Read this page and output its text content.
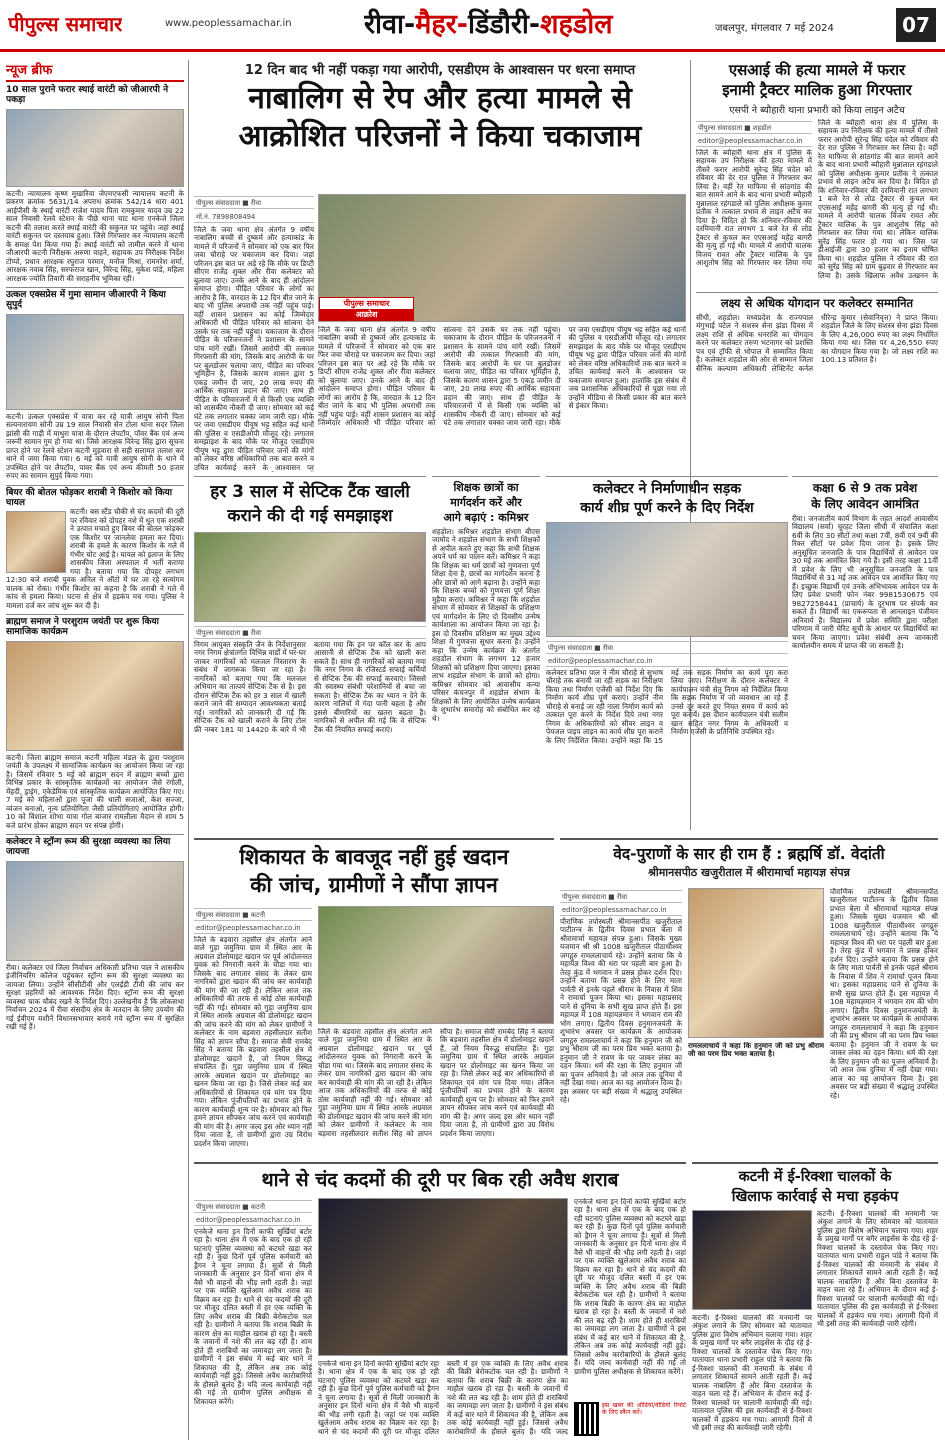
पीपुल्स समाचार	www.peoplessamachar.in	रीवा-मैहर-डिंडौरी-शहडोल	जबलपुर, मंगलवार 7 मई 2024	07
न्यूज ब्रीफ
10 साल पुराने फरार स्थाई वारंटी को जीआरपी ने पकड़ा
कटनी। न्यायालय कृष्ण मुखारिया जेएमएफसी न्यायालय कटनी के प्रकरण क्रमांक 5631/14 अपराध क्रमांक 542/14 धारा 401 आईपीसी के स्थाई वारंटी राजेश यादव पिता रामकुमार यादव उम्र 22 साल निवासी रेलवे स्टेशन के पीछे थाना चाट थाना एनकेजे जिला कटनी की तलाश करते स्थाई वारंटी की सकुनत पर पहुंचे। जहां स्थाई वारंटी सकुनत पर दस्तयाब हुआ। जिसे गिरफ्तार कर न्यायालय कटनी के समक्ष पेश किया गया है। स्थाई वारंटी को तामील करने में थाना जीआरपी कटनी निरीक्षक अरुणा वाहने, सहायक उप निरीक्षक निर्देश टोप्पो, प्रधान आरक्षक रघुराज परमार, मनोज मिश्रा, रामनरेश शर्मा, आरक्षक नवाब सिंह, सरफराज खान, विरेन्द्र सिंह, मुकेश पांडे, महिला आरक्षक ज्योति तिवारी की सराहनीय भूमिका रही।
उत्कल एक्सप्रेस में गुमा सामान जीआरपी ने किया सुपुर्द
कटनी। उत्कल एक्सप्रेस में यात्रा कर रहे यात्री आयुष सोनी पिता सत्यनारायण सोनी उम्र 19 साल निवासी सेन टोला थाना सदर जिला झांसी की गाड़ी में माथुरा यात्रा के दौरान लेपटॉप, पॉवर बैंक एवं अन्य जरूरी सामान गुम हो गया था। जिसे आरक्षक विरेन्द्र सिंह द्वारा सूचना प्राप्त होने पर रेलवे स्टेशन कटनी मुड़वारा से सही सलामत तलाश कर थाने में जमा किया गया। 6 मई को यात्री आयुष सोनी के थाने में उपस्थित होने पर लैपटॉप, पावर बैंक एवं अन्य कीमती 50 हजार रुपए का सामान सुपुर्द किया गया।
बियर की बोतल फोड़कर शराबी ने किशोर को किया घायल
कटनी। बस स्टैंड चौकी से चंद कदमों की दूरी पर रविवार को दोपहर नशे में धुत एक शराबी ने उत्पात मचाते हुए बियर की बोतल फोड़कर एक किशोर पर जानलेवा हमला कर दिया। शराबी के हमले के कारण किशोर के गले में गंभीर चोट आई है। घायल को इलाज के लिए शासकीय जिला अस्पताल में भर्ती कराया गया है। बताया गया कि दोपहर लगभग 12:30 बजे शराबी युवक अनिल ने ऑटो में घर जा रहे सत्यांगम चालक को रोका। गंभीर किशोर का कहना है कि शराबी ने गले में कांच से हमला किया। घटना से क्षेत्र में हड़कंप मच गया। पुलिस ने मामला दर्ज कर जांच शुरू कर दी है।
ब्राह्मण समाज ने परशुराम जयंती पर शुरू किया सामाजिक कार्यक्रम
कटनी। जिला ब्राह्मण समाज कटनी महिला मंडल के द्वारा परशुराम जयंती के उपलक्ष्य में सामाजिक कार्यक्रम का आयोजन किया जा रहा है। जिसमें रविवार 5 मई को ब्राह्मण सदन में ब्राह्मण बच्चों द्वारा विभिन्न प्रकार के सांस्कृतिक कार्यक्रमों का आयोजन जैसे रंगोली, मेंहदी, ड्राइंग, एकेडेमिक एवं सांस्कृतिक कार्यक्रम आयोजित किए गए। 7 मई को महिलाओं द्वारा पूजा की थाली सजाओ, केश सज्जा, व्यंजन बनाओ, नृत्य प्रतियोगिता जैसी प्रतियोगिताएं आयोजित होगी। 10 को विशाल शोभा यात्रा गोल बाजार रामलीला मैदान से शाम 5 बजे प्रारंभ होकर ब्राह्मण सदन पर संपन्न होगी।
कलेक्टर ने स्ट्रॉन्ग रूम की सुरक्षा व्यवस्था का लिया जायजा
रीवा। कलेक्टर एवं जिला निर्वाचन अधिकारी प्रतिभा पाल ने शासकीय इंजीनियरिंग कॉलेज पहुंचकर स्ट्रॉन्ग रूम की सुरक्षा व्यवस्था का जायजा लिया। उन्होंने सीसीटीवी और एलईडी टीवी की जांच कर सुरक्षा प्रहरियों को आवश्यक निर्देश दिए। स्ट्रॉन्ग रूम की सुरक्षा व्यवस्था चाक चौबंद रखने के निर्देश दिए। उल्लेखनीय है कि लोकसभा निर्वाचन 2024 में रीवा संसदीय क्षेत्र के मतदान के लिए उपयोग की गई ईवीएम मशीनें विधानसभावार बनाये गये स्ट्रॉन्ग रूम में सुरक्षित रखी गई हैं।
12 दिन बाद भी नहीं पकड़ा गया आरोपी, एसडीएम के आश्वासन पर धरना समाप्त
नाबालिग से रेप और हत्या मामले से
आक्रोशित परिजनों ने किया चकाजाम
पीपुल्स संवाददाता ■ रीवा
मो.नं. 7898808494
पीपुल्स समाचार
आक्रोश
जिले के जवा थाना क्षेत्र अंतर्गत 9 वर्षीय नाबालिग बच्ची से दुष्कर्म और हत्याकांड के मामले में परिजनों ने सोमवार को एक बार फिर जवा चौराहे पर चकाजाम कर दिया। जहां परिजन इस बात पर अड़े रहे कि मौके पर डिप्टी सीएम राजेंद्र शुक्ल और रीवा कलेक्टर को बुलाया जाए। उनके आने के बाद ही आंदोलन समाप्त होगा। पीड़ित परिवार के लोगों का आरोप है कि, वारदात के 12 दिन बीत जाने के बाद भी पुलिस अपराधी तक नहीं पहुंच पाई। वहीं शासन प्रशासन का कोई जिम्मेदार अधिकारी भी पीड़ित परिवार को सांत्वना देने उसके घर तक नहीं पहुंचा। चकाजाम के दौरान पीड़ित के परिजनजनों ने प्रशासन के सामने पांच मांगें रखीं। जिसमें आरोपी की तत्काल गिरफ्तारी की मांग, जिसके बाद आरोपी के घर पर बुलडोजर चलाया जाए, पीड़ित का परिवार भूमिहीन है, जिसके कारण शासन द्वारा 5 एकड़ जमीन दी जाए, 20 लाख रुपए की आर्थिक सहायता प्रदान की जाए। साथ ही पीड़ित के परिवारजनों में से किसी एक व्यक्ति को शासकीय नौकरी दी जाए। सोमवार को कई घंटे तक लगातार चक्का जाम जारी रहा। मौके पर जवा एसडीएम पीयूष भट्ट सहित कई थानों की पुलिस व एसडीओपी मौजूद रहे। लगातार समझाइश के बाद मौके पर मौजूद एसडीएम पीयूष भट्ट द्वारा पीड़ित परिवार जनों की मांगों को लेकर वरिष्ठ अधिकारियों तक बात करने व उचित कार्यवाई करने के आश्वासन पर
जिले के जवा थाना क्षेत्र अंतर्गत 9 वर्षीय नाबालिग बच्ची से दुष्कर्म और हत्याकांड के मामले में परिजनों ने सोमवार को एक बार फिर जवा चौराहे पर चकाजाम कर दिया। जहां परिजन इस बात पर अड़े रहे कि मौके पर डिप्टी सीएम राजेंद्र शुक्ल और रीवा कलेक्टर को बुलाया जाए। उनके आने के बाद ही आंदोलन समाप्त होगा। पीड़ित परिवार के लोगों का आरोप है कि, वारदात के 12 दिन बीत जाने के बाद भी पुलिस अपराधी तक नहीं पहुंच पाई। वहीं शासन प्रशासन का कोई जिम्मेदार अधिकारी भी पीड़ित परिवार को सांत्वना देने उसके घर तक नहीं पहुंचा। चकाजाम के दौरान पीड़ित के परिजनजनों ने प्रशासन के सामने पांच मांगें रखीं। जिसमें आरोपी की तत्काल गिरफ्तारी की मांग, जिसके बाद आरोपी के घर पर बुलडोजर चलाया जाए, पीड़ित का परिवार भूमिहीन है, जिसके कारण शासन द्वारा 5 एकड़ जमीन दी जाए, 20 लाख रुपए की आर्थिक सहायता प्रदान की जाए। साथ ही पीड़ित के परिवारजनों में से किसी एक व्यक्ति को शासकीय नौकरी दी जाए। सोमवार को कई घंटे तक लगातार चक्का जाम जारी रहा। मौके पर जवा एसडीएम पीयूष भट्ट सहित कई थानों की पुलिस व एसडीओपी मौजूद रहे। लगातार समझाइश के बाद मौके पर मौजूद एसडीएम पीयूष भट्ट द्वारा पीड़ित परिवार जनों की मांगों को लेकर वरिष्ठ अधिकारियों तक बात करने व उचित कार्यवाई करने के आश्वासन पर चकाजाम समाप्त हुआ। हालांकि इस संबंध में जब प्रशासनिक अधिकारियों से पूछा गया तो उन्होंने मीडिया से किसी प्रकार की बात करने से इंकार किया।
एसआई की हत्या मामले में फरार
इनामी ट्रैक्टर मालिक हुआ गिरफ्तार
एसपी ने ब्यौहारी थाना प्रभारी को किया लाइन अटैच
पीपुल्स संवाददाता ■ शहडोल
editor@peoplessamachar.co.in
जिले के ब्यौहारी थाना क्षेत्र में पुलिस के सहायक उप निरीक्षक की हत्या मामले में तीसरे फरार आरोपी सुरेन्द्र सिंह चंदेल को रविवार की देर रात पुलिस ने गिरफ्तार कर लिया है। वहीं रेत माफिया से सांठगांठ की बात सामने आने के बाद थाना प्रभारी ब्यौहारी मुन्नालाल रहंगडाले को पुलिस अधीक्षक कुमार प्रतीक ने तत्काल प्रभाव से लाइन अटैच कर दिया है। विदित हो कि शनिवार-रविवार की दरमियानी रात लगभग 1 बजे रेत से लोड ट्रैक्टर से कुचल कर एएसआई महेंद्र बागरी की मृत्यु हो गई थी। मामले में आरोपी चालक विजय रावत और ट्रैक्टर मालिक के पुत्र आशुतोष सिंह को गिरफ्तार कर लिया गया
जिले के ब्यौहारी थाना क्षेत्र में पुलिस के सहायक उप निरीक्षक की हत्या मामले में तीसरे फरार आरोपी सुरेन्द्र सिंह चंदेल को रविवार की देर रात पुलिस ने गिरफ्तार कर लिया है। वहीं रेत माफिया से सांठगांठ की बात सामने आने के बाद थाना प्रभारी ब्यौहारी मुन्नालाल रहंगडाले को पुलिस अधीक्षक कुमार प्रतीक ने तत्काल प्रभाव से लाइन अटैच कर दिया है। विदित हो कि शनिवार-रविवार की दरमियानी रात लगभग 1 बजे रेत से लोड ट्रैक्टर से कुचल कर एएसआई महेंद्र बागरी की मृत्यु हो गई थी। मामले में आरोपी चालक विजय रावत और ट्रैक्टर मालिक के पुत्र आशुतोष सिंह को गिरफ्तार कर लिया गया था। लेकिन मालिक सुरेंद्र सिंह फरार हो गया था। जिस पर डीआईजी द्वारा 30 हजार का इनाम घोषित किया था। शहडोल पुलिस ने रविवार की रात को सुरेंद्र सिंह को ग्राम बुढ़वार से गिरफ्तार कर लिया है। उसके खिलाफ अवैध उत्खनन के
लक्ष्य से अधिक योगदान पर कलेक्टर सम्मानित
सीधी, शहडोल। मध्यप्रदेश के राज्यपाल मंगुभाई पटेल ने सशस्त्र सेना झंडा दिवस में लक्ष्य राशि से अधिक धनराशि का योगदान करने पर कलेक्टर तरुण भटनागर को प्रशस्ति पत्र एवं ट्रॉफी से भोपाल में सम्मानित किया है। कलेक्टर शहडोल की ओर से सम्मान जिला सैनिक कल्याण अधिकारी लेफ्टिनेंट कर्नल धीरेन्द्र कुमार (सेवानिवृत्त) ने प्राप्त किया। शहडोल जिले के लिए सशस्त्र सेना झंडा दिवस के लिए 4,26,000 रुपए का लक्ष्य निर्धारित किया गया था। जिस पर 4,26,550 रुपए का योगदान किया गया है। जो लक्ष्य राशि का 100.13 प्रतिशत है।
हर 3 साल में सेप्टिक टैंक खाली
कराने की दी गई समझाइश
पीपुल्स संवाददाता ■ रीवा
निगम आयुक्त संस्कृति जैन के निर्देशानुसार नगर निगम क्षेत्रांतर्गत विभिन्न वार्डों में घर-घर जाकर नागरिकों को मलजल निस्तारण के संबंध में जागरूक किया जा रहा है। नागरिकों को बताया गया कि मलजल अभियान का तात्पर्य सेप्टिक टैंक से है। इस दौरान सेप्टिक टैंक को हर 3 साल में खाली कराने जाने की सम्पादन आवश्यकता बताई गई। नागरिकों को जानकारी दी गई कि सेप्टिक टैंक को खाली कराने के लिए टोल फ्री नम्बर 181 या 14420 के बारे में भी बताया गया कि इन पर कॉल कर के आप आसानी से सेप्टिक टैंक को खाली करा सकते हैं। साथ ही नागरिकों को बताया गया कि नगर निगम के रजिस्टर्ड सफाई कर्मियों से सेप्टिक टैंक की सफाई करवाएं। जिससे की स्वास्थ्य संबंधी परेशानियों से बचा जा सकता है। सेप्टिक टैंक का ध्यान न देने के कारण नालियों में गंदा पानी बहता है और इससे बीमारियों का खतरा बढ़ता है। नागरिकों से अपील की गई कि वे सेप्टिक टैंक की नियमित सफाई कराएं।
शिक्षक छात्रों का
मार्गदर्शन करें और
आगे बढ़ाएं : कमिश्नर
शहडोल। कमिश्नर शहडोल संभाग बीएस जामोद ने शहडोल संभाग के सभी शिक्षकों से अपील करते हुए कहा कि सभी शिक्षक अपने धर्म का पालन करें। कमिश्नर ने कहा कि शिक्षक का धर्म छात्रों को गुणवत्ता पूर्ण शिक्षा देना है, छात्रों का मार्गदर्शन करना है और छात्रों को आगे बढ़ाना है। उन्होंने कहा कि शिक्षक बच्चों को गुणवत्ता पूर्ण शिक्षा मुहैया कराएं। कमिश्नर ने कहा कि शहडोल संभाग में सोमवार से शिक्षकों के प्रशिक्षण एवं मार्गदर्शन के लिए दो दिवसीय उन्मेष कार्यशाला का आयोजन किया जा रहा है। इस दो दिवसीय प्रशिक्षण का मुख्य उद्देश्य शिक्षा में गुणवत्ता सुधार करना है। उन्होंने कहा कि उन्मेष कार्यक्रम के अंतर्गत शहडोल संभाग के लगभग 12 हजार शिक्षकों को प्रशिक्षण दिया जाएगा। इसका लाभ शहडोल संभाग के छात्रों को होगा। कमिश्नर सोमवार को आवासीय कन्या परिसर कंचनपुर में शहडोल संभाग के शिक्षकों के लिए आयोजित उन्मेष कार्यक्रम के शुभारंभ समारोह को संबोधित कर रहे थे।
कलेक्टर ने निर्माणाधीन सड़क
कार्य शीघ्र पूर्ण करने के दिए निर्देश
पीपुल्स संवाददाता ■ रीवा
editor@peoplessamachar.co.in
कलेक्टर प्रतिभा पाल ने नीम चौराहे से सुभाष चौराहे तक बनायी जा रही सड़क का निरीक्षण किया तथा निर्माण एजेंसी को निर्देश दिए कि निर्माण कार्य शीघ्र पूर्ण कराएं। उन्होंने नीम चौराहे से बनाई जा रही नाला निर्माण कार्य को तत्काल पूरा करने के निर्देश दिये तथा नगर निगम के अधिकारियों को सीवर लाइन व पेयजल पाइप लाइन का कार्य शीघ्र पूरा कराने के लिए निर्देशित किया। उन्होंने कहा कि 15 मई तक सड़क निर्माण का कार्य पूरा करा लिया जाए। निरीक्षण के दौरान कलेक्टर ने कार्यपालन यंत्री सेतु निगम को निर्देशित किया कि सड़क निर्माण में जो व्यवधान आ रहे हैं उनसे दूर करते हुए नियत समय में कार्य को पूरा करायें। इस दौरान कार्यपालन यंत्री सलीम खान सहित नगर निगम के अधिकारी व निर्माण एजेंसी के प्रतिनिधि उपस्थित रहे।
कक्षा 6 से 9 तक प्रवेश
के लिए आवेदन आमंत्रित
रीवा। जनजातीय कार्य विभाग के तहत आदर्श आवासीय विद्यालय (सर्वा) चूरहट जिला सीधी में संचालित कक्षा 6वीं के लिए 30 सीटों तथा कक्षा 7वीं, 8वीं एवं 9वीं की रिक्त सीटों पर प्रवेश दिया जाना है। इसके लिए अनुसूचित जनजाति के पात्र विद्यार्थियों से आवेदन पत्र 30 मई तक आमंत्रित किए गये हैं। इसी तरह कक्षा 11वीं में प्रवेश के लिए भी अनुसूचित जनजाति के पात्र विद्यार्थियों से 31 मई तक आवेदन पत्र आमंत्रित किए गए हैं। इच्छुक विद्यार्थी एवं उनके अभिभावक आवेदन पत्र के लिए प्रवेश प्रभारी फोन नंबर 9981530675 एवं 9827258441 (प्राचार्य) के दूरभाष पर संपर्क कर सकते हैं। विद्यार्थी का एकरूपता से आनलाइन पंजीयन अनिवार्य है। विद्यालय में प्रवेश समिति द्वारा परीक्षा परिणाम में जारी मेरिट सूची के आधार पर विद्यार्थियों का चयन किया जाएगा। प्रवेश संबंधी अन्य जानकारी कार्यालयीन समय में प्राप्त की जा सकती है।
शिकायत के बावजूद नहीं हुई खदान
की जांच, ग्रामीणों ने सौंपा ज्ञापन
पीपुल्स संवाददाता ■ कटनी
editor@peoplessamachar.co.in
जिले के बड़वारा तहसील क्षेत्र अंतर्गत आने वाले गुड़ा जमुनिया ग्राम में स्थित आर के अग्रवाल डोलोमाइट खदान पर पूर्व आंदोलनरत युवक को निगरानी करने के चौडा गया था। जिसके बाद लगातार संसद के लेकर ग्राम नागरिकों द्वारा खदान की जांच कर कार्यवाही की मांग की जा रही है। लेकिन आज तक अधिकारियों की तरफ से कोई ठोस कार्यवाही नहीं की गई। सोमवार को गुड़ा जमुनिया ग्राम में स्थित आरके अग्रवाल की डोलोमाइट खदान की जांच करने की मांग को लेकर ग्रामीणों ने कलेक्टर के नाम बड़वारा तहसीलदार सतीश सिंह को ज्ञापन सौंपा है। समाज सेवी रामबेद सिंह ने बताया कि बड़वारा तहसील क्षेत्र में डोलोमाइट खदानें हैं, जो नियम विरुद्ध संचालित हैं। गुड़ा जमुनिया ग्राम में स्थित आरके अग्रवाल खदान पर डोलोमाइट का खनन किया जा रहा है। जिसे लेकर कई बार अधिकारियों से शिकायत एवं मांग पत्र दिया गया। लेकिन पूंजीपतियों का प्रभाव होने के कारण कार्यवाही शून्य पर है। सोमवार को फिर हमने ज्ञापन सौंपकर जांच करने एवं कार्यवाही की मांग की है। अगर जल्द इस ओर ध्यान नहीं दिया जाता है, तो ग्रामीणों द्वारा उग्र विरोध प्रदर्शन किया जाएगा।
जिले के बड़वारा तहसील क्षेत्र अंतर्गत आने वाले गुड़ा जमुनिया ग्राम में स्थित आर के अग्रवाल डोलोमाइट खदान पर पूर्व आंदोलनरत युवक को निगरानी करने के चौडा गया था। जिसके बाद लगातार संसद के लेकर ग्राम नागरिकों द्वारा खदान की जांच कर कार्यवाही की मांग की जा रही है। लेकिन आज तक अधिकारियों की तरफ से कोई ठोस कार्यवाही नहीं की गई। सोमवार को गुड़ा जमुनिया ग्राम में स्थित आरके अग्रवाल की डोलोमाइट खदान की जांच करने की मांग को लेकर ग्रामीणों ने कलेक्टर के नाम बड़वारा तहसीलदार सतीश सिंह को ज्ञापन सौंपा है। समाज सेवी रामबेद सिंह ने बताया कि बड़वारा तहसील क्षेत्र में डोलोमाइट खदानें हैं, जो नियम विरुद्ध संचालित हैं। गुड़ा जमुनिया ग्राम में स्थित आरके अग्रवाल खदान पर डोलोमाइट का खनन किया जा रहा है। जिसे लेकर कई बार अधिकारियों से शिकायत एवं मांग पत्र दिया गया। लेकिन पूंजीपतियों का प्रभाव होने के कारण कार्यवाही शून्य पर है। सोमवार को फिर हमने ज्ञापन सौंपकर जांच करने एवं कार्यवाही की मांग की है। अगर जल्द इस ओर ध्यान नहीं दिया जाता है, तो ग्रामीणों द्वारा उग्र विरोध प्रदर्शन किया जाएगा।
वेद-पुराणों के सार ही राम हैं : ब्रह्मर्षि डॉ. वेदांती
श्रीमानसपीठ खजुरीताल में श्रीरामार्चा महायज्ञ संपन्न
पीपुल्स संवाददाता ■ रीवा
editor@peoplessamachar.co.in
पौराणिक तपोस्थली श्रीमानसपीठ खजुरीताल पाटीतन्त्र के द्वितीय दिवस प्रभात बेला में श्रीरामार्चा महायज्ञ संपन्न हुआ। जिसके मुख्य यजमान श्री श्री 1008 खजुरीताल पीठाधीश्वर जगद्गुरु रामललाचार्य रहे। उन्होंने बताया कि ये महायज्ञ विश्व की धरा पर पहली बार हुआ है। तेरह कुंड में भगवान ने प्रसन्न होकर दर्शन दिए। उन्होंने बताया कि प्रसन्न होने के लिए माता पार्वती से इनके पहले श्रीराम के निवास में शिव ने रामार्चा पूजन किया था। इसका महाप्रसाद पाने से दुनिया के सभी सुख प्राप्त होते हैं। इस महायज्ञ में 108 महायज्ञमान ने भगवान राम की भोग लगाए। द्वितीय दिवस हनुमानजयंती के शुभारंभ अवसर पर कार्यक्रम के आयोजक जगद्गुरु रामललाचार्य ने कहा कि हनुमान जी को प्रभु श्रीराम जी का परम प्रिय भक्त बताया है। हनुमान जी ने रावण के घर जाकर लंका का दहन किया। धर्म की रक्षा के लिए हनुमान जी का पूजन अनिवार्य है। जो आज तक दुनिया में नहीं देखा गया। आज का यह आयोजन दिव्य है। इस अवसर पर बड़ी संख्या में श्रद्धालु उपस्थित रहे।
रामललाचार्य ने कहा कि हनुमान जी को प्रभु श्रीराम जी का परम प्रिय भक्त बताया है।
पौराणिक तपोस्थली श्रीमानसपीठ खजुरीताल पाटीतन्त्र के द्वितीय दिवस प्रभात बेला में श्रीरामार्चा महायज्ञ संपन्न हुआ। जिसके मुख्य यजमान श्री श्री 1008 खजुरीताल पीठाधीश्वर जगद्गुरु रामललाचार्य रहे। उन्होंने बताया कि ये महायज्ञ विश्व की धरा पर पहली बार हुआ है। तेरह कुंड में भगवान ने प्रसन्न होकर दर्शन दिए। उन्होंने बताया कि प्रसन्न होने के लिए माता पार्वती से इनके पहले श्रीराम के निवास में शिव ने रामार्चा पूजन किया था। इसका महाप्रसाद पाने से दुनिया के सभी सुख प्राप्त होते हैं। इस महायज्ञ में 108 महायज्ञमान ने भगवान राम की भोग लगाए। द्वितीय दिवस हनुमानजयंती के शुभारंभ अवसर पर कार्यक्रम के आयोजक जगद्गुरु रामललाचार्य ने कहा कि हनुमान जी को प्रभु श्रीराम जी का परम प्रिय भक्त बताया है। हनुमान जी ने रावण के घर जाकर लंका का दहन किया। धर्म की रक्षा के लिए हनुमान जी का पूजन अनिवार्य है। जो आज तक दुनिया में नहीं देखा गया। आज का यह आयोजन दिव्य है। इस अवसर पर बड़ी संख्या में श्रद्धालु उपस्थित रहे।
थाने से चंद कदमों की दूरी पर बिक रही अवैध शराब
पीपुल्स संवाददाता ■ कटनी
editor@peoplessamachar.co.in
एनकेजे थाना इन दिनों काफी सुर्खियां बटोर रहा है। थाना क्षेत्र में एक के बाद एक हो रही घटनाएं पुलिस व्यवस्था को कटघरे खड़ा कर रही हैं। कुछ दिनों पूर्व पुलिस कर्मचारी को ड्रैगन ने चूना लगाया है। सूत्रों से मिली जानकारी के अनुसार इन दिनों थाना क्षेत्र में वैसे भी वाहनों की भीड़ लगी रहती है। जहां पर एक व्यक्ति खुलेआम अवैध शराब का विक्रय कर रहा है। थाने से चंद कदमों की दूरी पर मौजूद दलित बस्ती में हर एक व्यक्ति के लिए अवैध शराब की बिक्री बेरोकटोक चल रही है। ग्रामीणों ने बताया कि शराब बिक्री के कारण क्षेत्र का माहौल खराब हो रहा है। बस्ती के जवानों में नशे की लत बढ़ रही है। शाम होते ही शराबियों का जमावड़ा लग जाता है। ग्रामीणों ने इस संबंध में कई बार थाने में शिकायत की है, लेकिन अब तक कोई कार्यवाही नहीं हुई। जिससे अवैध कारोबारियों के हौसले बुलंद हैं। यदि जल्द कार्यवाही नहीं की गई तो ग्रामीण पुलिस अधीक्षक से शिकायत करेंगे।
एनकेजे थाना इन दिनों काफी सुर्खियां बटोर रहा है। थाना क्षेत्र में एक के बाद एक हो रही घटनाएं पुलिस व्यवस्था को कटघरे खड़ा कर रही हैं। कुछ दिनों पूर्व पुलिस कर्मचारी को ड्रैगन ने चूना लगाया है। सूत्रों से मिली जानकारी के अनुसार इन दिनों थाना क्षेत्र में वैसे भी वाहनों की भीड़ लगी रहती है। जहां पर एक व्यक्ति खुलेआम अवैध शराब का विक्रय कर रहा है। थाने से चंद कदमों की दूरी पर मौजूद दलित बस्ती में हर एक व्यक्ति के लिए अवैध शराब की बिक्री बेरोकटोक चल रही है। ग्रामीणों ने बताया कि शराब बिक्री के कारण क्षेत्र का माहौल खराब हो रहा है। बस्ती के जवानों में नशे की लत बढ़ रही है। शाम होते ही शराबियों का जमावड़ा लग जाता है। ग्रामीणों ने इस संबंध में कई बार थाने में शिकायत की है, लेकिन अब तक कोई कार्यवाही नहीं हुई। जिससे अवैध कारोबारियों के हौसले बुलंद हैं। यदि जल्द
एनकेजे थाना इन दिनों काफी सुर्खियां बटोर रहा है। थाना क्षेत्र में एक के बाद एक हो रही घटनाएं पुलिस व्यवस्था को कटघरे खड़ा कर रही हैं। कुछ दिनों पूर्व पुलिस कर्मचारी को ड्रैगन ने चूना लगाया है। सूत्रों से मिली जानकारी के अनुसार इन दिनों थाना क्षेत्र में वैसे भी वाहनों की भीड़ लगी रहती है। जहां पर एक व्यक्ति खुलेआम अवैध शराब का विक्रय कर रहा है। थाने से चंद कदमों की दूरी पर मौजूद दलित बस्ती में हर एक व्यक्ति के लिए अवैध शराब की बिक्री बेरोकटोक चल रही है। ग्रामीणों ने बताया कि शराब बिक्री के कारण क्षेत्र का माहौल खराब हो रहा है। बस्ती के जवानों में नशे की लत बढ़ रही है। शाम होते ही शराबियों का जमावड़ा लग जाता है। ग्रामीणों ने इस संबंध में कई बार थाने में शिकायत की है, लेकिन अब तक कोई कार्यवाही नहीं हुई। जिससे अवैध कारोबारियों के हौसले बुलंद हैं। यदि जल्द कार्यवाही नहीं की गई तो ग्रामीण पुलिस अधीक्षक से शिकायत करेंगे।
इस खबर की ऑडियो/वीडियो रिपोर्ट के लिए स्कैन करें।
कटनी में ई-रिक्शा चालकों के
खिलाफ कार्रवाई से मचा हड़कंप
कटनी। ई-रिक्शा चालकों की मनमानी पर अंकुश लगाने के लिए सोमवार को यातायात पुलिस द्वारा विशेष अभियान चलाया गया। शहर के प्रमुख मार्गों पर बगैर लाइसेंस के दौड़ रहे ई-रिक्शा चालकों के दस्तावेज चेक किए गए। यातायात थाना प्रभारी राहुल पांडे ने बताया कि ई-रिक्शा चालकों की मनमानी के संबंध में लगातार शिकायतें सामने आती रहती हैं। कई चालक नाबालिग हैं और बिना दस्तावेज के वाहन चला रहे हैं। अभियान के दौरान कई ई-रिक्शा चालकों पर चालानी कार्यवाही की गई। यातायात पुलिस की इस कार्यवाही से ई-रिक्शा चालकों में हड़कंप मच गया। आगामी दिनों में भी इसी तरह की कार्यवाही जारी रहेगी।
कटनी। ई-रिक्शा चालकों की मनमानी पर अंकुश लगाने के लिए सोमवार को यातायात पुलिस द्वारा विशेष अभियान चलाया गया। शहर के प्रमुख मार्गों पर बगैर लाइसेंस के दौड़ रहे ई-रिक्शा चालकों के दस्तावेज चेक किए गए। यातायात थाना प्रभारी राहुल पांडे ने बताया कि ई-रिक्शा चालकों की मनमानी के संबंध में लगातार शिकायतें सामने आती रहती हैं। कई चालक नाबालिग हैं और बिना दस्तावेज के वाहन चला रहे हैं। अभियान के दौरान कई ई-रिक्शा चालकों पर चालानी कार्यवाही की गई। यातायात पुलिस की इस कार्यवाही से ई-रिक्शा चालकों में हड़कंप मच गया। आगामी दिनों में भी इसी तरह की कार्यवाही जारी रहेगी।
